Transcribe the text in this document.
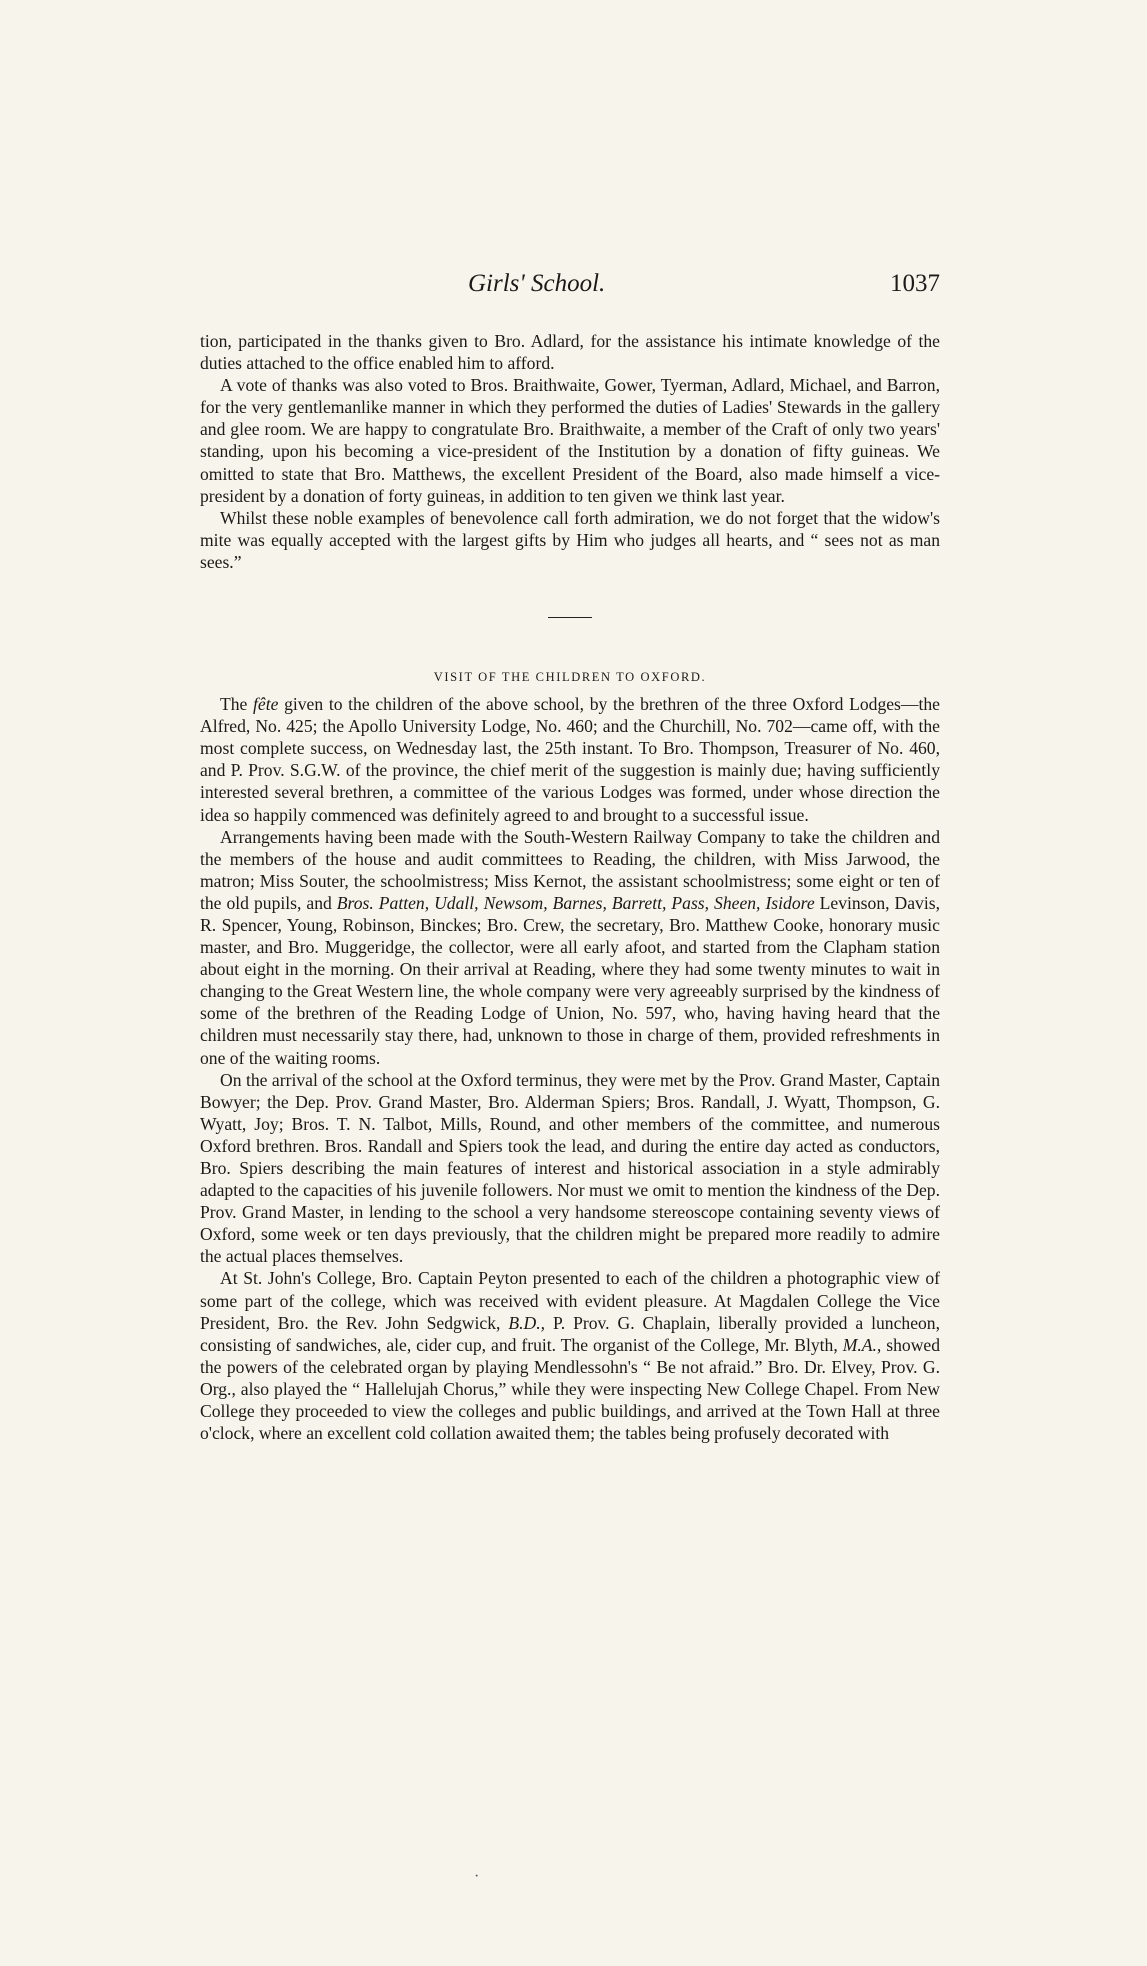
Girls' School.	1037

tion, participated in the thanks given to Bro. Adlard, for the assistance his intimate knowledge of the duties attached to the office enabled him to afford.

A vote of thanks was also voted to Bros. Braithwaite, Gower, Tyerman, Adlard, Michael, and Barron, for the very gentlemanlike manner in which they performed the duties of Ladies' Stewards in the gallery and glee room. We are happy to congratulate Bro. Braithwaite, a member of the Craft of only two years' standing, upon his becoming a vice-president of the Institution by a donation of fifty guineas. We omitted to state that Bro. Matthews, the excellent President of the Board, also made himself a vice-president by a donation of forty guineas, in addition to ten given we think last year.

Whilst these noble examples of benevolence call forth admiration, we do not forget that the widow's mite was equally accepted with the largest gifts by Him who judges all hearts, and “ sees not as man sees.”

VISIT OF THE CHILDREN TO OXFORD.

The fête given to the children of the above school, by the brethren of the three Oxford Lodges—the Alfred, No. 425; the Apollo University Lodge, No. 460; and the Churchill, No. 702—came off, with the most complete success, on Wednesday last, the 25th instant. To Bro. Thompson, Treasurer of No. 460, and P. Prov. S.G.W. of the province, the chief merit of the suggestion is mainly due; having sufficiently interested several brethren, a committee of the various Lodges was formed, under whose direction the idea so happily commenced was definitely agreed to and brought to a successful issue.

Arrangements having been made with the South-Western Railway Company to take the children and the members of the house and audit committees to Reading, the children, with Miss Jarwood, the matron; Miss Souter, the schoolmistress; Miss Kernot, the assistant schoolmistress; some eight or ten of the old pupils, and Bros. Patten, Udall, Newsom, Barnes, Barrett, Pass, Sheen, Isidore Levinson, Davis, R. Spencer, Young, Robinson, Binckes; Bro. Crew, the secretary, Bro. Matthew Cooke, honorary music master, and Bro. Muggeridge, the collector, were all early afoot, and started from the Clapham station about eight in the morning. On their arrival at Reading, where they had some twenty minutes to wait in changing to the Great Western line, the whole company were very agreeably surprised by the kindness of some of the brethren of the Reading Lodge of Union, No. 597, who, having having heard that the children must necessarily stay there, had, unknown to those in charge of them, provided refreshments in one of the waiting rooms.

On the arrival of the school at the Oxford terminus, they were met by the Prov. Grand Master, Captain Bowyer; the Dep. Prov. Grand Master, Bro. Alderman Spiers; Bros. Randall, J. Wyatt, Thompson, G. Wyatt, Joy; Bros. T. N. Talbot, Mills, Round, and other members of the committee, and numerous Oxford brethren. Bros. Randall and Spiers took the lead, and during the entire day acted as conductors, Bro. Spiers describing the main features of interest and historical association in a style admirably adapted to the capacities of his juvenile followers. Nor must we omit to mention the kindness of the Dep. Prov. Grand Master, in lending to the school a very handsome stereoscope containing seventy views of Oxford, some week or ten days previously, that the children might be prepared more readily to admire the actual places themselves.

At St. John's College, Bro. Captain Peyton presented to each of the children a photographic view of some part of the college, which was received with evident pleasure. At Magdalen College the Vice President, Bro. the Rev. John Sedgwick, B.D., P. Prov. G. Chaplain, liberally provided a luncheon, consisting of sandwiches, ale, cider cup, and fruit. The organist of the College, Mr. Blyth, M.A., showed the powers of the celebrated organ by playing Mendlessohn's “ Be not afraid.” Bro. Dr. Elvey, Prov. G. Org., also played the “ Hallelujah Chorus,” while they were inspecting New College Chapel. From New College they proceeded to view the colleges and public buildings, and arrived at the Town Hall at three o'clock, where an excellent cold collation awaited them; the tables being profusely decorated with

·
